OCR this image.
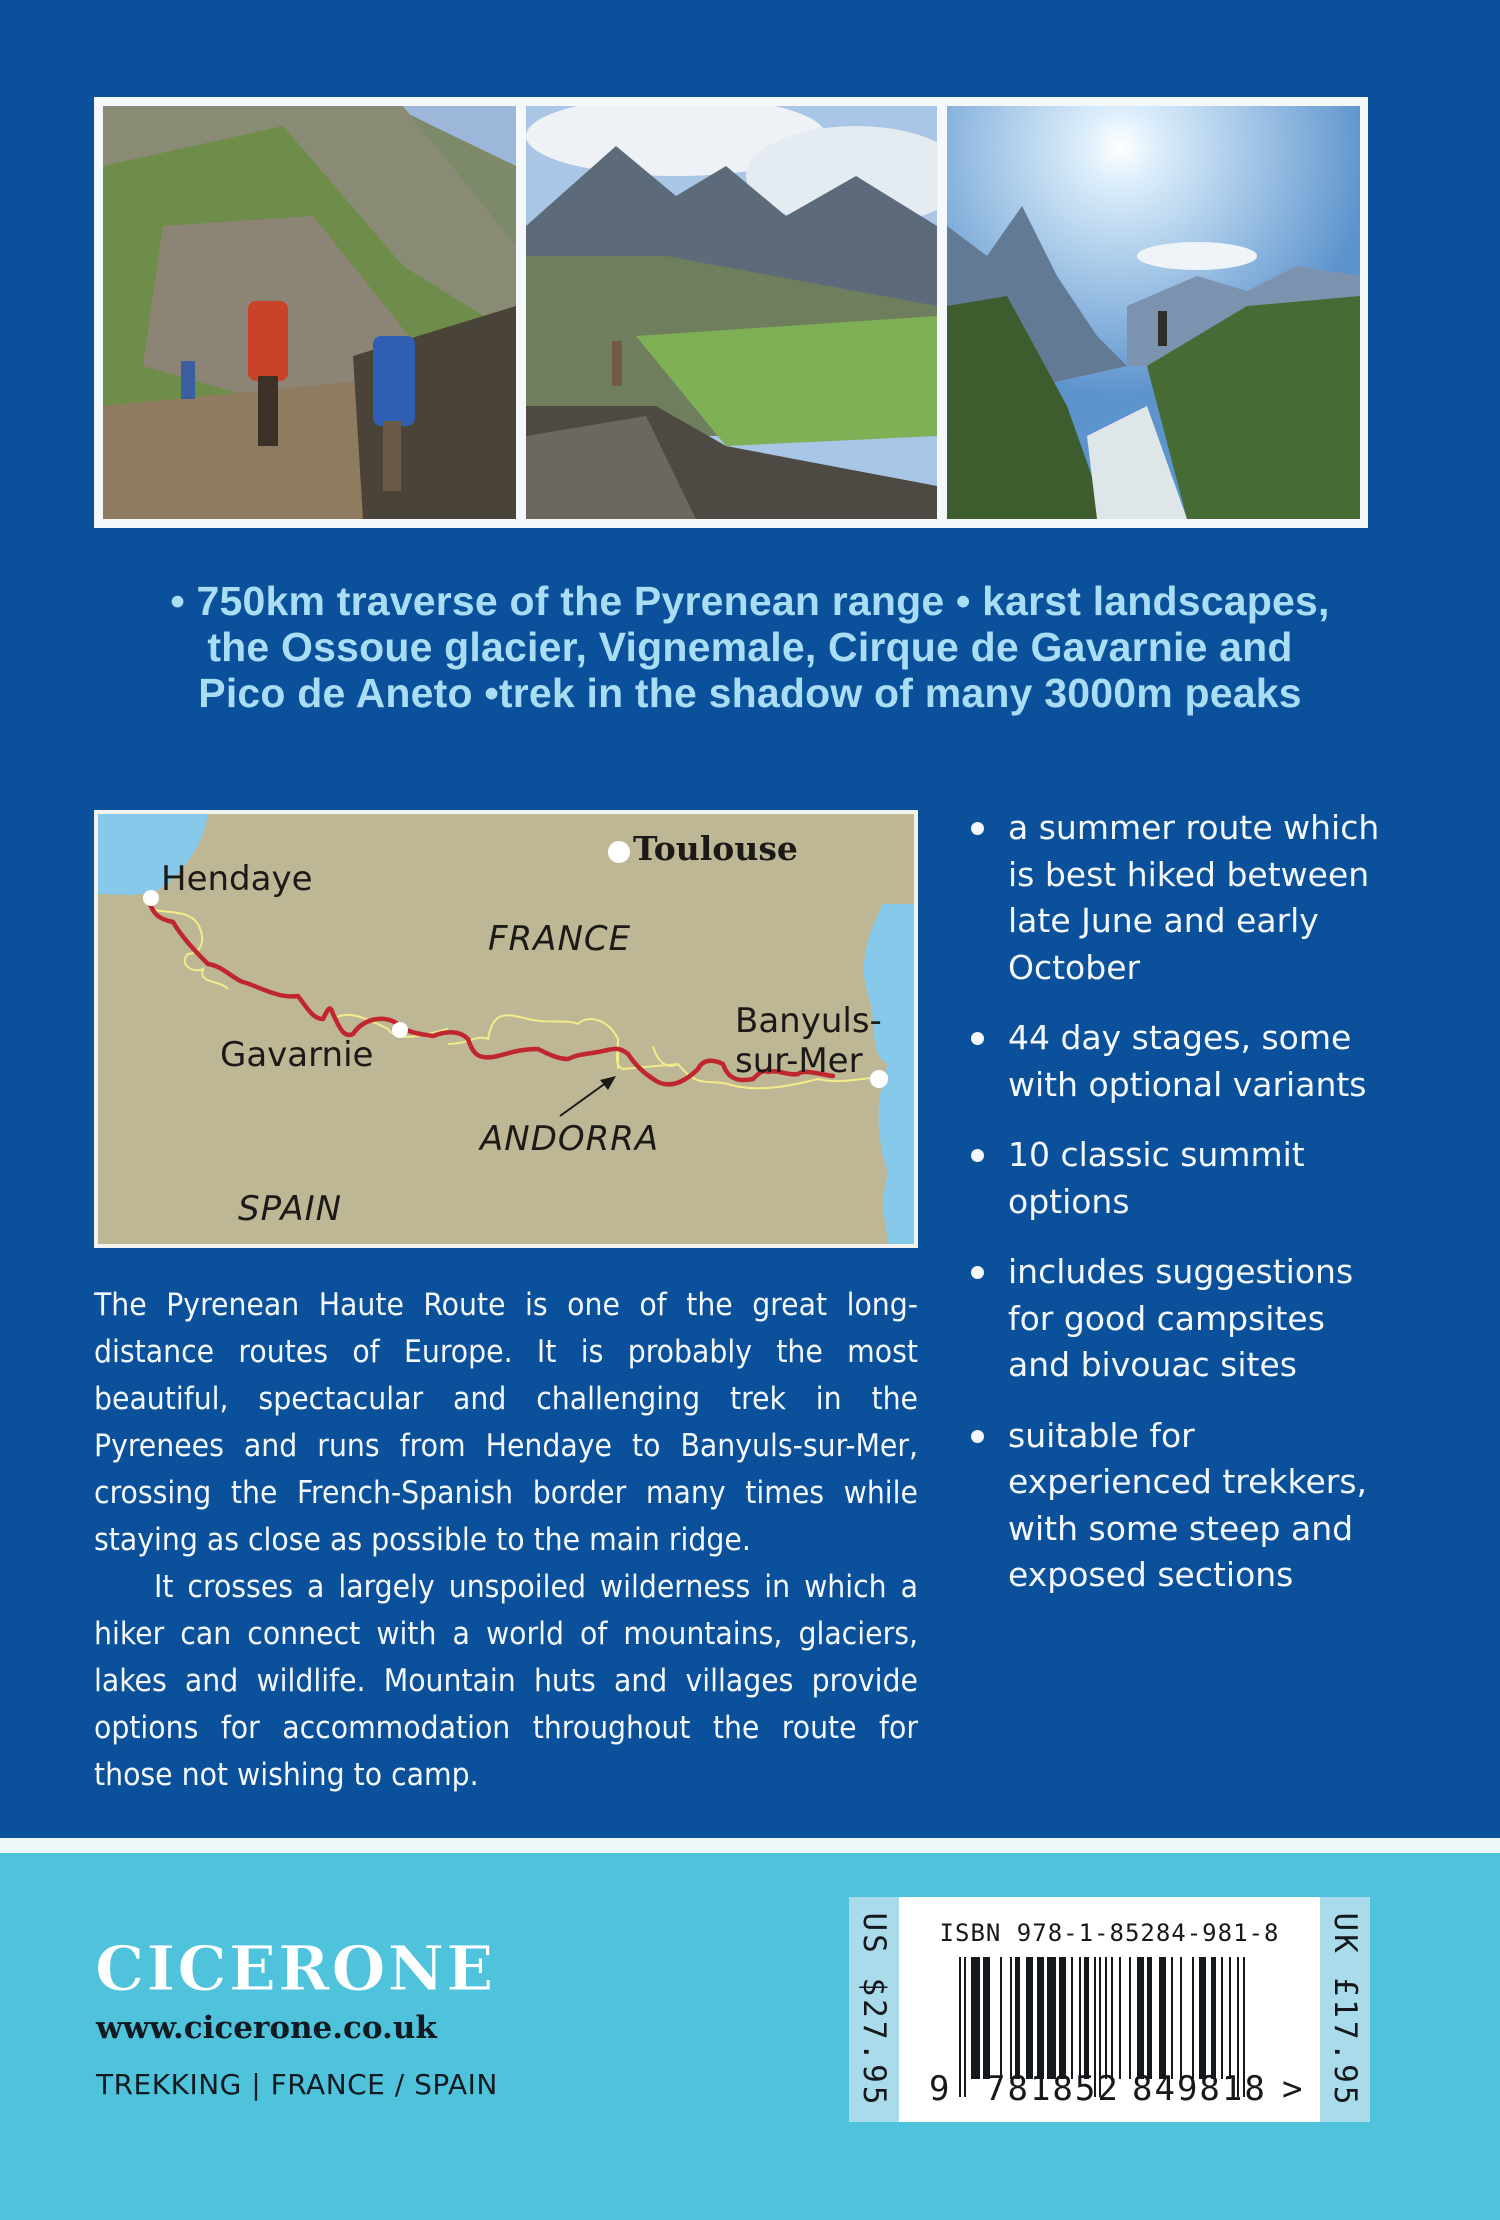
• 750km traverse of the Pyrenean range • karst landscapes,
the Ossoue glacier, Vignemale, Cirque de Gavarnie and
Pico de Aneto •trek in the shadow of many 3000m peaks
Toulouse
Hendaye
FRANCE
Gavarnie
Banyuls-
sur-Mer
ANDORRA
SPAIN
a summer route which
is best hiked between
late June and early
October
44 day stages, some
with optional variants
10 classic summit
options
includes suggestions
for good campsites
and bivouac sites
suitable for
experienced trekkers,
with some steep and
exposed sections

The Pyrenean Haute Route is one of the great long-distance routes of Europe. It is probably the most beautiful, spectacular and challenging trek in the Pyrenees and runs from Hendaye to Banyuls-sur-Mer, crossing the French-Spanish border many times while staying as close as possible to the main ridge.

It crosses a largely unspoiled wilderness in which a hiker can connect with a world of mountains, glaciers, lakes and wildlife. Mountain huts and villages provide options for accommodation throughout the route for those not wishing to camp.

CICERONE
www.cicerone.co.uk
TREKKING | FRANCE / SPAIN	US $27.95	ISBN 978-1-85284-981-8
9 781852 849818 > UK £17.95
